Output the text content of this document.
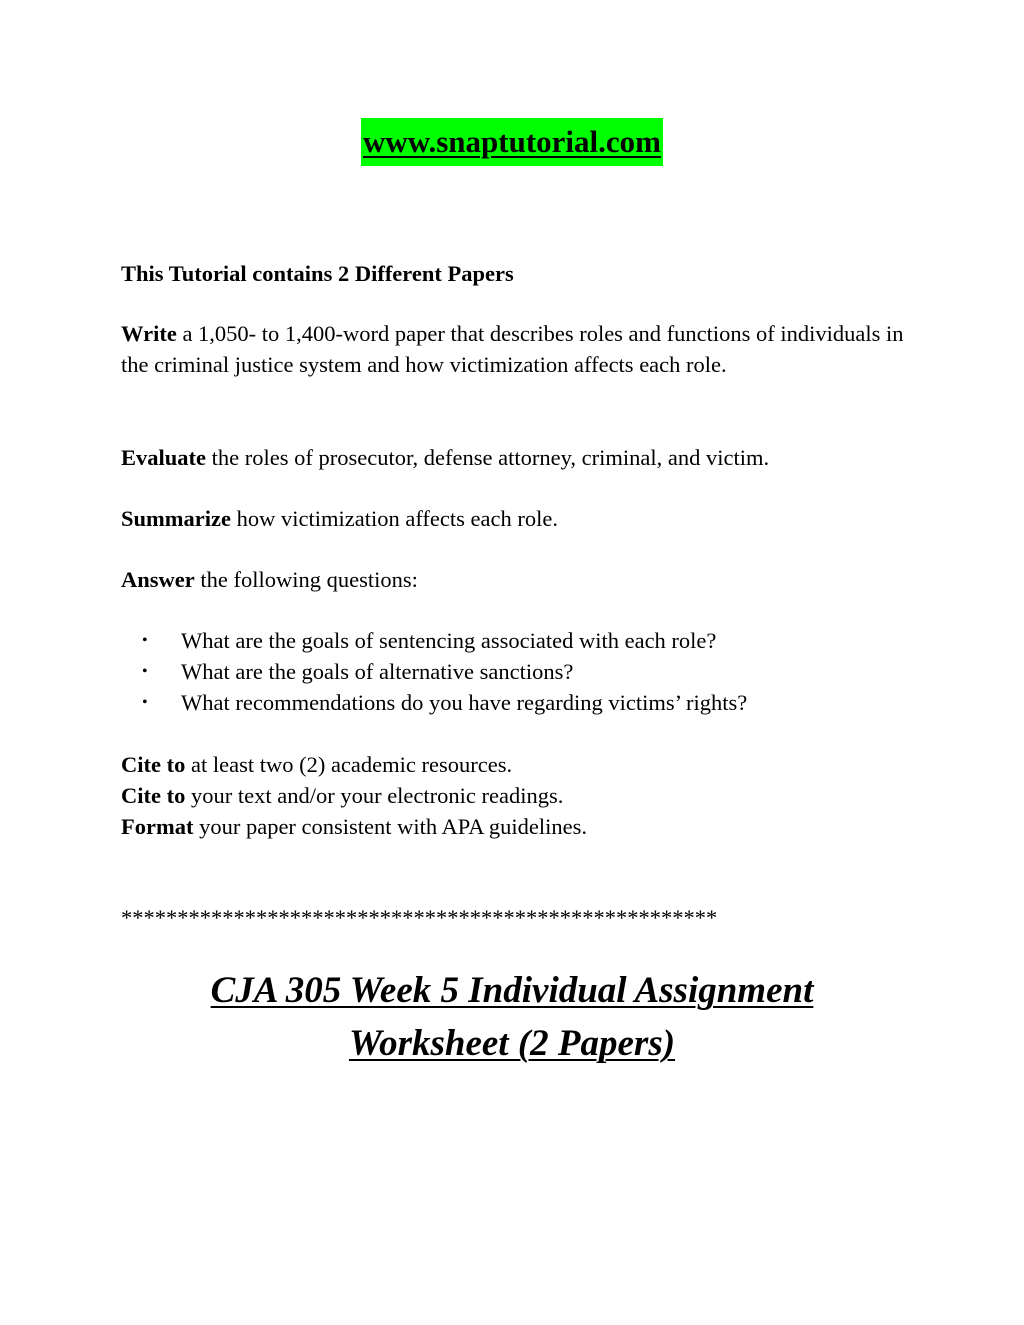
www.snaptutorial.com

This Tutorial contains 2 Different Papers

Write a 1,050- to 1,400-word paper that describes roles and functions of individuals in the criminal justice system and how victimization affects each role.

Evaluate the roles of prosecutor, defense attorney, criminal, and victim.

Summarize how victimization affects each role.

Answer the following questions:

• What are the goals of sentencing associated with each role?
• What are the goals of alternative sanctions?
• What recommendations do you have regarding victims’ rights?
Cite to at least two (2) academic resources.
Cite to your text and/or your electronic readings.
Format your paper consistent with APA guidelines.
*****************************************************
CJA 305 Week 5 Individual Assignment
Worksheet (2 Papers)
